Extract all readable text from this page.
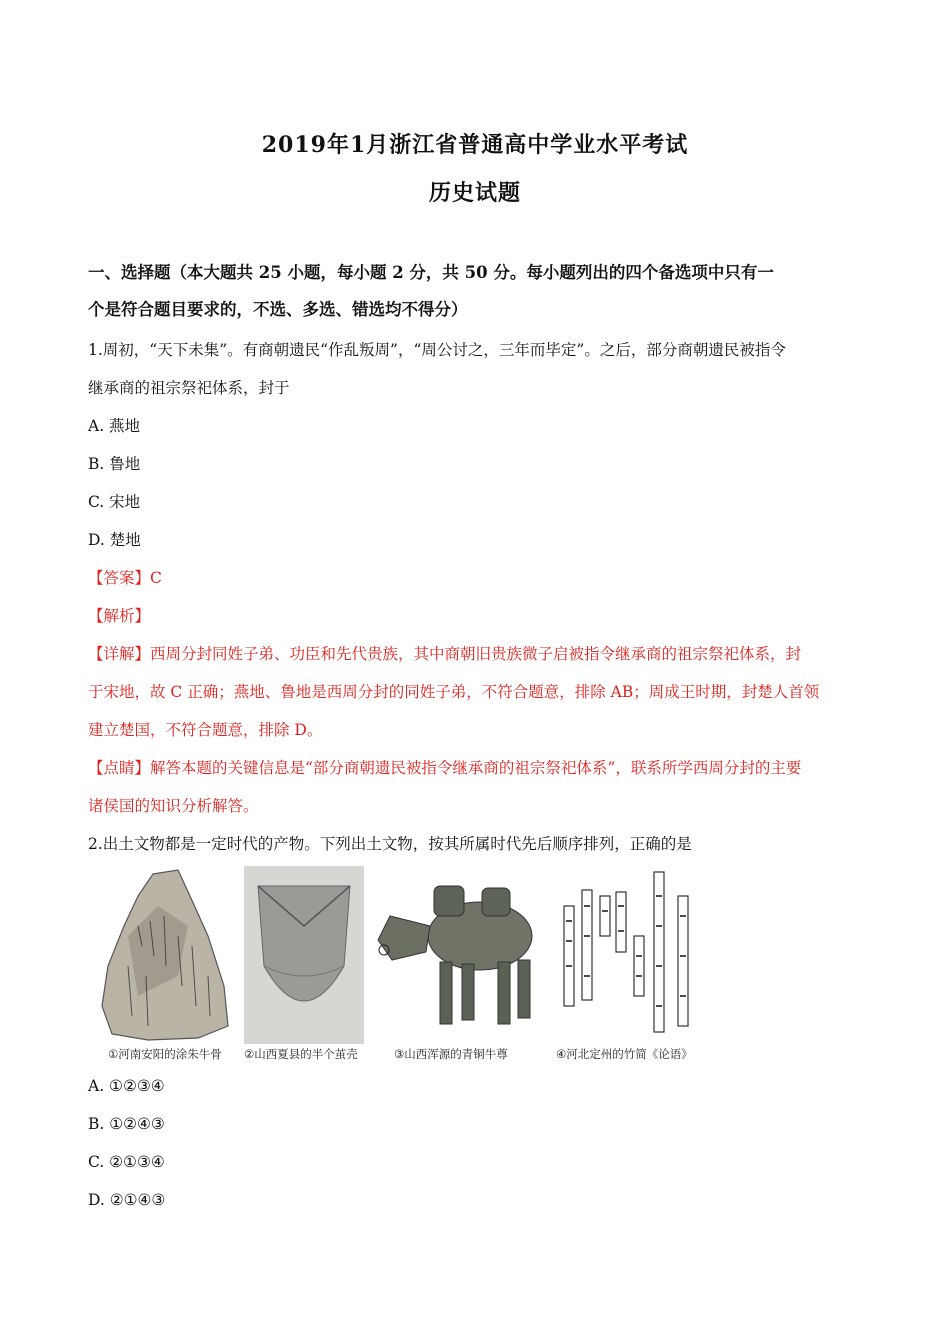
2019年1月浙江省普通高中学业水平考试
历史试题
一、选择题（本大题共 25 小题，每小题 2 分，共 50 分。每小题列出的四个备选项中只有一
个是符合题目要求的，不选、多选、错选均不得分）
1.周初，“天下未集”。有商朝遗民“作乱叛周”，“周公讨之，三年而毕定”。之后，部分商朝遗民被指令
继承商的祖宗祭祀体系，封于
A. 燕地
B. 鲁地
C. 宋地
D. 楚地
【答案】C
【解析】
【详解】西周分封同姓子弟、功臣和先代贵族，其中商朝旧贵族微子启被指令继承商的祖宗祭祀体系，封
于宋地，故 C 正确；燕地、鲁地是西周分封的同姓子弟，不符合题意，排除 AB；周成王时期，封楚人首领
建立楚国，不符合题意，排除 D。
【点睛】解答本题的关键信息是“部分商朝遗民被指令继承商的祖宗祭祀体系”，联系所学西周分封的主要
诸侯国的知识分析解答。
2.出土文物都是一定时代的产物。下列出土文物，按其所属时代先后顺序排列，正确的是
①河南安阳的涂朱牛骨 ②山西夏县的半个茧壳	③山西浑源的青铜牛尊	④河北定州的竹简《论语》
A. ①②③④
B. ①②④③
C. ②①③④
D. ②①④③
